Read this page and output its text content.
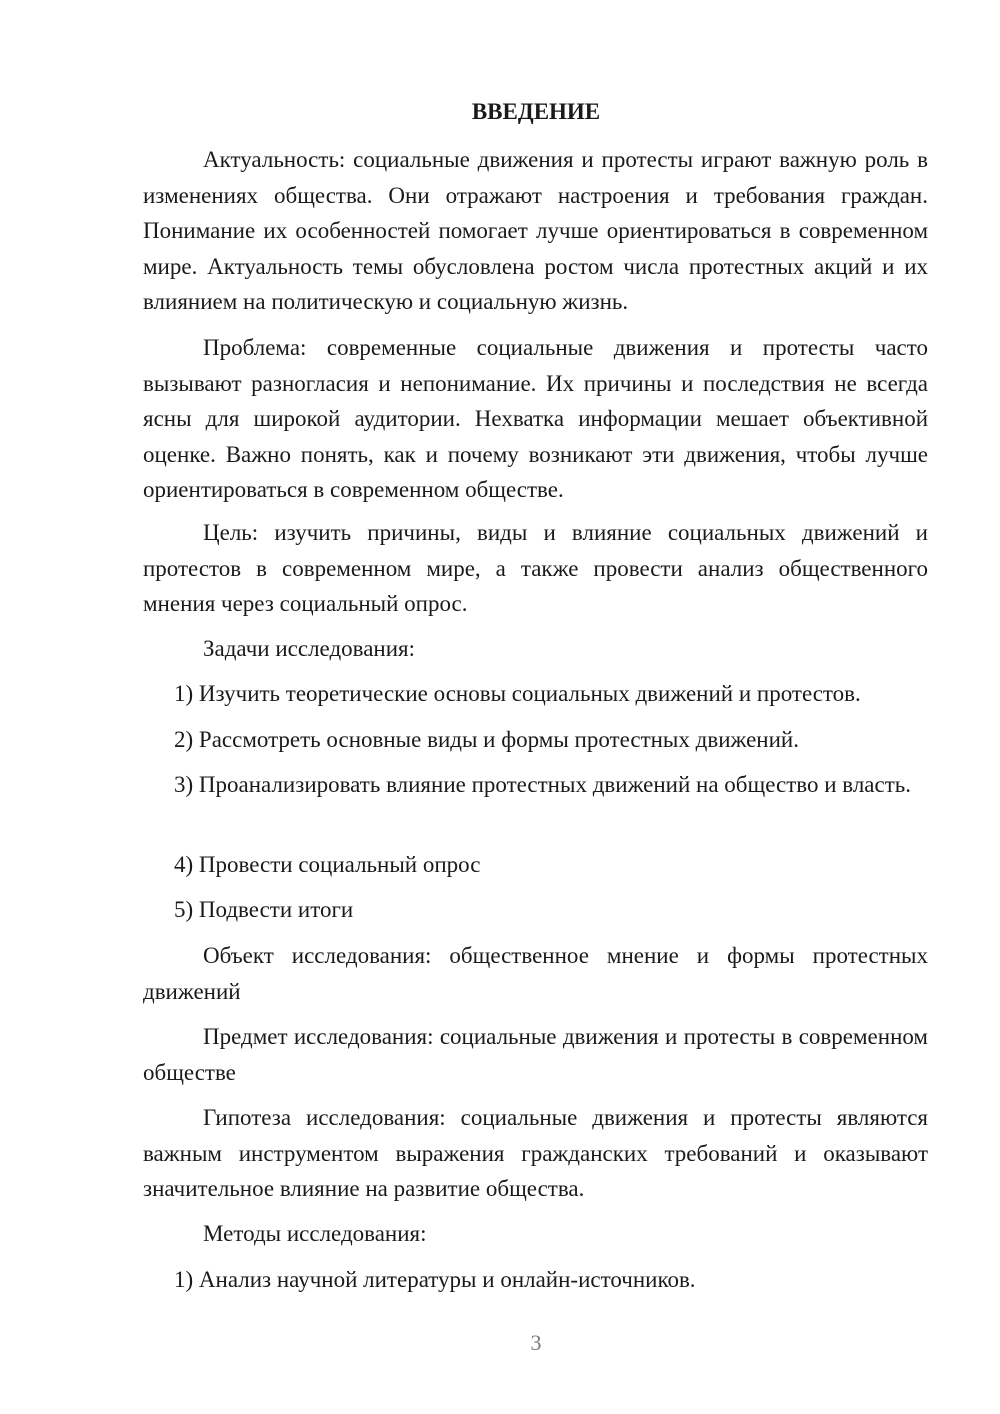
ВВЕДЕНИЕ

Актуальность: социальные движения и протесты играют важную роль в изменениях общества. Они отражают настроения и требования граждан. Понимание их особенностей помогает лучше ориентироваться в современном мире. Актуальность темы обусловлена ростом числа протестных акций и их влиянием на политическую и социальную жизнь.

Проблема: современные социальные движения и протесты часто вызывают разногласия и непонимание. Их причины и последствия не всегда ясны для широкой аудитории. Нехватка информации мешает объективной оценке. Важно понять, как и почему возникают эти движения, чтобы лучше ориентироваться в современном обществе.

Цель: изучить причины, виды и влияние социальных движений и протестов в современном мире, а также провести анализ общественного мнения через социальный опрос.

Задачи исследования:

1) Изучить теоретические основы социальных движений и протестов.

2) Рассмотреть основные виды и формы протестных движений.

3) Проанализировать влияние протестных движений на общество и власть.

4) Провести социальный опрос

5) Подвести итоги

Объект исследования: общественное мнение и формы протестных движений

Предмет исследования: социальные движения и протесты в современном обществе

Гипотеза исследования: социальные движения и протесты являются важным инструментом выражения гражданских требований и оказывают значительное влияние на развитие общества.

Методы исследования:

1) Анализ научной литературы и онлайн-источников.

3
